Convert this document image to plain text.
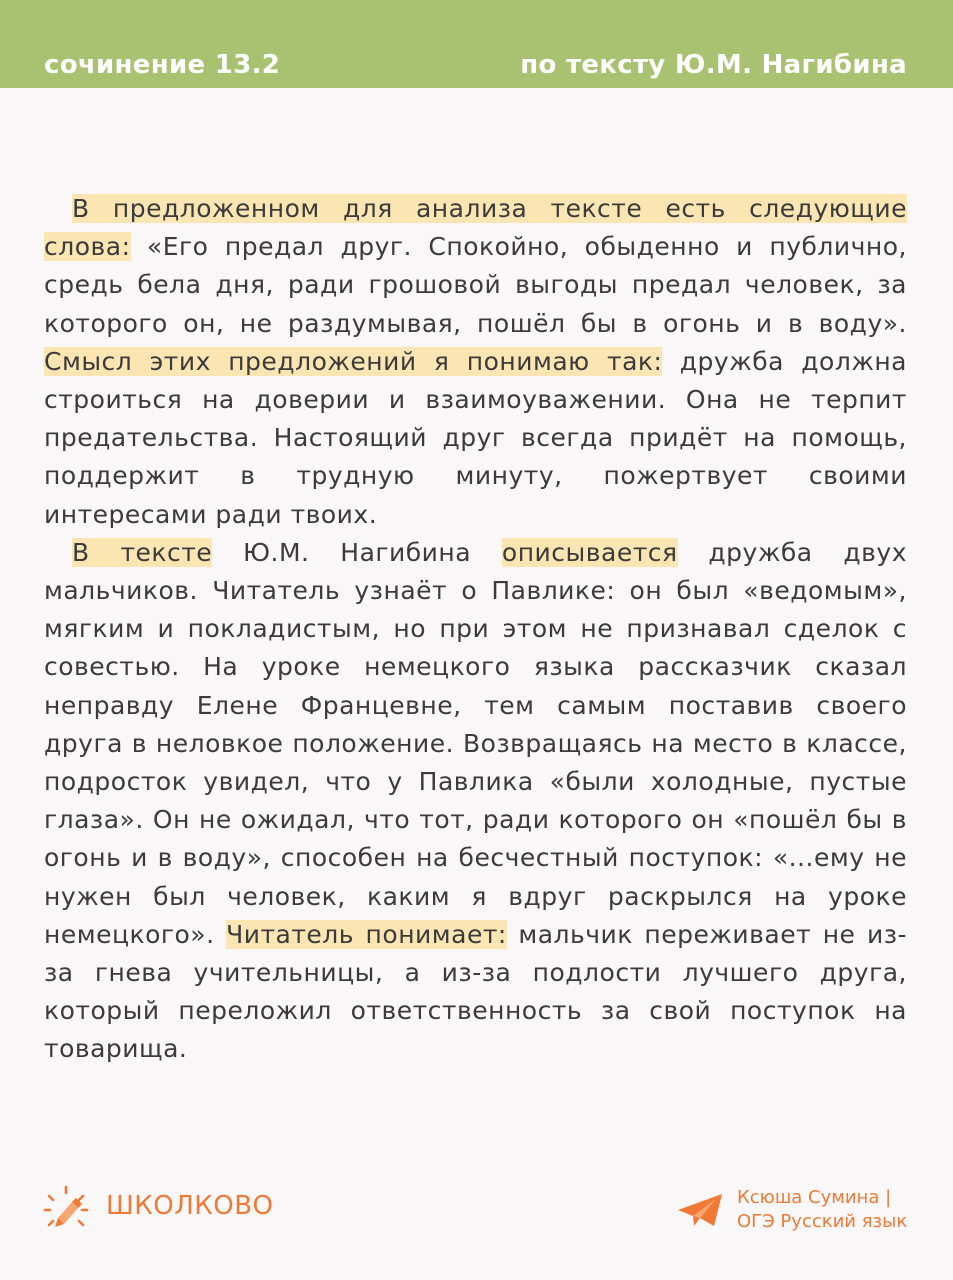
сочинение 13.2	по тексту Ю.М. Нагибина

В предложенном для анализа тексте есть следующие слова: «Его предал друг. Спокойно, обыденно и публично, средь бела дня, ради грошовой выгоды предал человек, за которого он, не раздумывая, пошёл бы в огонь и в воду». Смысл этих предложений я понимаю так: дружба должна строиться на доверии и взаимоуважении. Она не терпит предательства. Настоящий друг всегда придёт на помощь, поддержит в трудную минуту, пожертвует своими интересами ради твоих.

В тексте Ю.М. Нагибина описывается дружба двух мальчиков. Читатель узнаёт о Павлике: он был «ведомым», мягким и покладистым, но при этом не признавал сделок с совестью. На уроке немецкого языка рассказчик сказал неправду Елене Францевне, тем самым поставив своего друга в неловкое положение. Возвращаясь на место в классе, подросток увидел, что у Павлика «были холодные, пустые глаза». Он не ожидал, что тот, ради которого он «пошёл бы в огонь и в воду», способен на бесчестный поступок: «...ему не нужен был человек, каким я вдруг раскрылся на уроке немецкого». Читатель понимает: мальчик переживает не из-за гнева учительницы, а из-за подлости лучшего друга, который переложил ответственность за свой поступок на товарища.

ШКОЛКОВО	Ксюша Сумина |
ОГЭ Русский язык
